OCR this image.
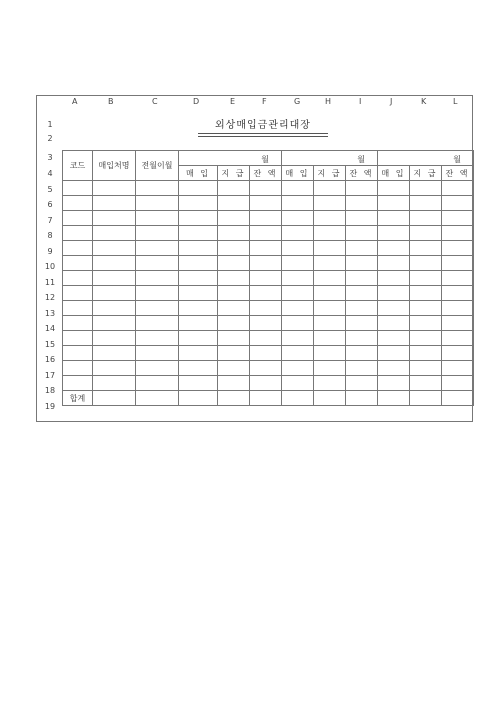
A	B	C	D	E	F	G	H	I	J	K	L
1
2
3
4
5
6
7
8
9
10
11
12
13
14
15
16
17
18
19
외상매입금관리대장
코드	매입처명	전월이월	월			월			월		
			매 입	지 급	잔 액	매 입	지 급	잔 액	매 입	지 급	잔 액

합계											
